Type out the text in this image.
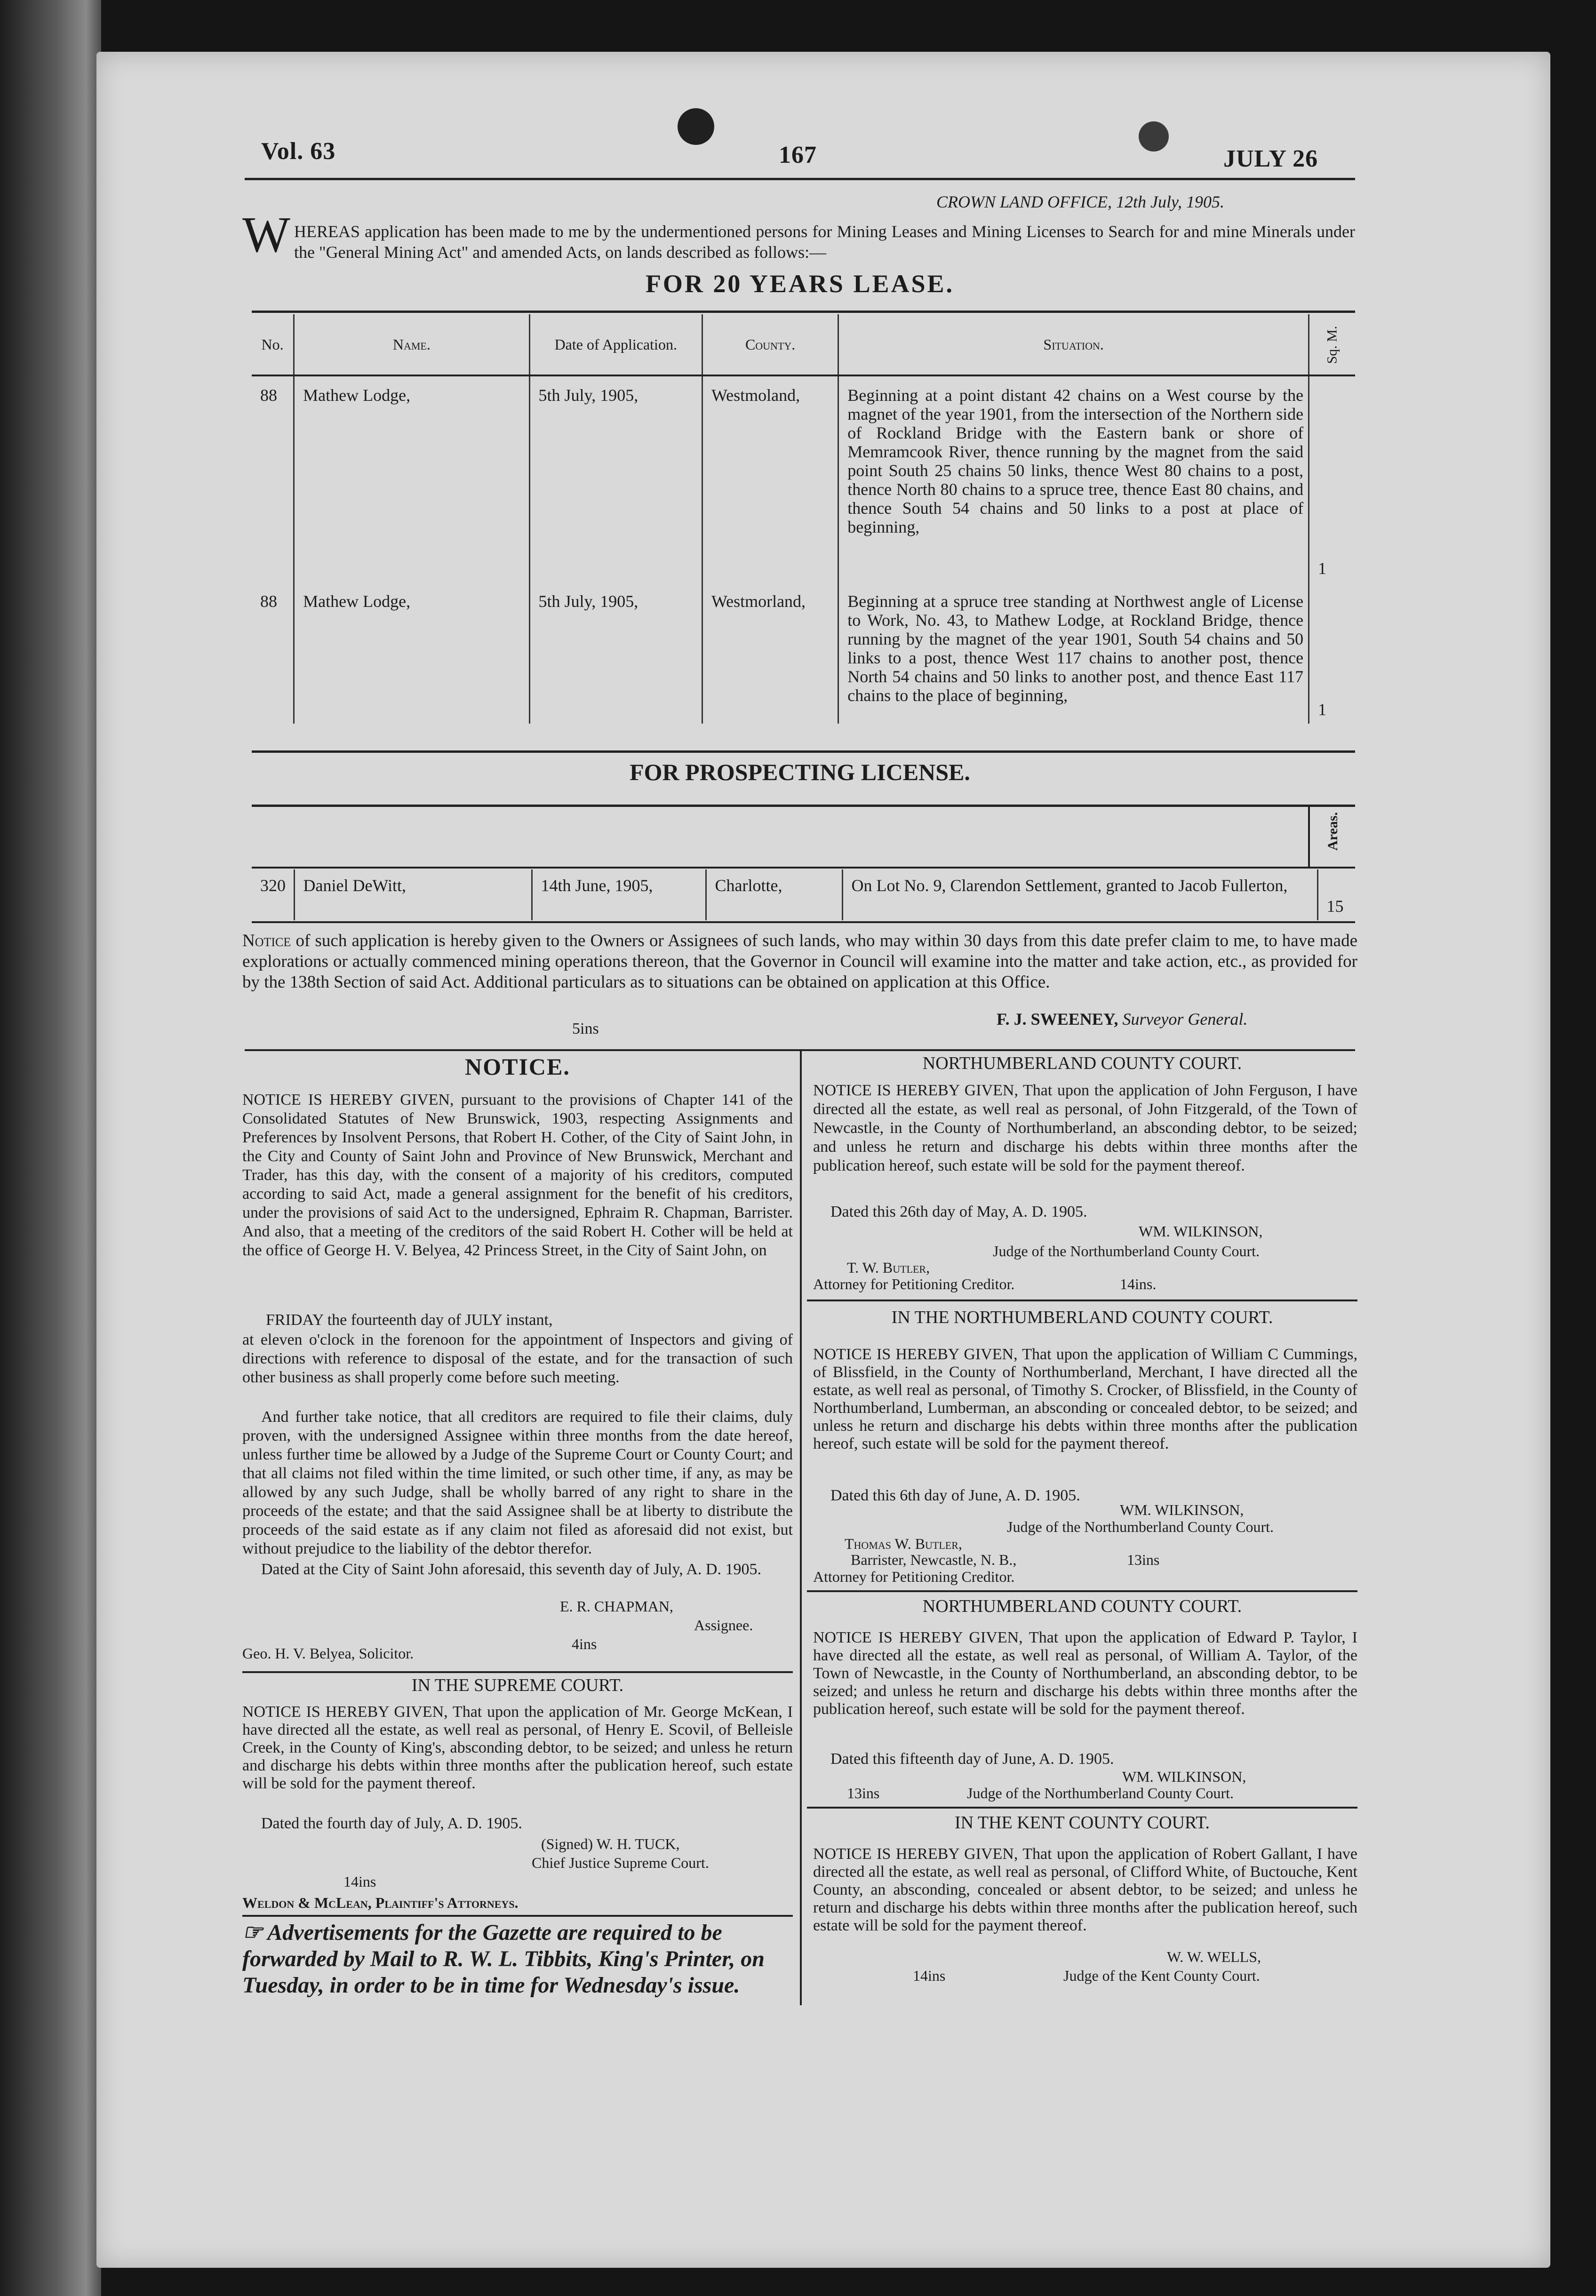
Vol. 63	167	JULY 26
CROWN LAND OFFICE, 12th July, 1905.
W HEREAS application has been made to me by the undermentioned persons for Mining Leases and Mining Licenses to Search for and mine Minerals under the "General Mining Act" and amended Acts, on lands described as follows:—
FOR 20 YEARS LEASE.
No.	Name.	Date of Application.	County.	Situation.	Sq. M.
88	Mathew Lodge,	5th July, 1905,	Westmoland,	Beginning at a point distant 42 chains on a West course by the magnet of the year 1901, from the intersection of the Northern side of Rockland Bridge with the Eastern bank or shore of Memramcook River, thence running by the magnet from the said point South 25 chains 50 links, thence West 80 chains to a post, thence North 80 chains to a spruce tree, thence East 80 chains, and thence South 54 chains and 50 links to a post at place of beginning,	1
88	Mathew Lodge,	5th July, 1905,	Westmorland,	Beginning at a spruce tree standing at Northwest angle of License to Work, No. 43, to Mathew Lodge, at Rockland Bridge, thence running by the magnet of the year 1901, South 54 chains and 50 links to a post, thence West 117 chains to another post, thence North 54 chains and 50 links to another post, and thence East 117 chains to the place of beginning,	1
FOR PROSPECTING LICENSE.
Areas.
320	Daniel DeWitt,	14th June, 1905,	Charlotte,	On Lot No. 9, Clarendon Settlement, granted to Jacob Fullerton,	15
Notice of such application is hereby given to the Owners or Assignees of such lands, who may within 30 days from this date prefer claim to me, to have made explorations or actually commenced mining operations thereon, that the Governor in Council will examine into the matter and take action, etc., as provided for by the 138th Section of said Act. Additional particulars as to situations can be obtained on application at this Office.
5ins
F. J. SWEENEY, Surveyor General.
NOTICE.
NOTICE IS HEREBY GIVEN, pursuant to the provisions of Chapter 141 of the Consolidated Statutes of New Brunswick, 1903, respecting Assignments and Preferences by Insolvent Persons, that Robert H. Cother, of the City of Saint John, in the City and County of Saint John and Province of New Brunswick, Merchant and Trader, has this day, with the consent of a majority of his creditors, computed according to said Act, made a general assignment for the benefit of his creditors, under the provisions of said Act to the undersigned, Ephraim R. Chapman, Barrister. And also, that a meeting of the creditors of the said Robert H. Cother will be held at the office of George H. V. Belyea, 42 Princess Street, in the City of Saint John, on
FRIDAY the fourteenth day of JULY instant,
at eleven o'clock in the forenoon for the appointment of Inspectors and giving of directions with reference to disposal of the estate, and for the transaction of such other business as shall properly come before such meeting.
And further take notice, that all creditors are required to file their claims, duly proven, with the undersigned Assignee within three months from the date hereof, unless further time be allowed by a Judge of the Supreme Court or County Court; and that all claims not filed within the time limited, or such other time, if any, as may be allowed by any such Judge, shall be wholly barred of any right to share in the proceeds of the estate; and that the said Assignee shall be at liberty to distribute the proceeds of the said estate as if any claim not filed as aforesaid did not exist, but without prejudice to the liability of the debtor therefor.
Dated at the City of Saint John aforesaid, this seventh day of July, A. D. 1905.
E. R. CHAPMAN,
Assignee.
Geo. H. V. Belyea, Solicitor.
4ins
IN THE SUPREME COURT.
NOTICE IS HEREBY GIVEN, That upon the application of Mr. George McKean, I have directed all the estate, as well real as personal, of Henry E. Scovil, of Belleisle Creek, in the County of King's, absconding debtor, to be seized; and unless he return and discharge his debts within three months after the publication hereof, such estate will be sold for the payment thereof.
Dated the fourth day of July, A. D. 1905.
(Signed) W. H. TUCK,
Chief Justice Supreme Court.
14ins
Weldon & McLean, Plaintiff's Attorneys.
☞ Advertisements for the Gazette are required to be forwarded by Mail to R. W. L. Tibbits, King's Printer, on Tuesday, in order to be in time for Wednesday's issue.
NORTHUMBERLAND COUNTY COURT.
NOTICE IS HEREBY GIVEN, That upon the application of John Ferguson, I have directed all the estate, as well real as personal, of John Fitzgerald, of the Town of Newcastle, in the County of Northumberland, an absconding debtor, to be seized; and unless he return and discharge his debts within three months after the publication hereof, such estate will be sold for the payment thereof.
Dated this 26th day of May, A. D. 1905.
WM. WILKINSON,
Judge of the Northumberland County Court.
T. W. Butler,
Attorney for Petitioning Creditor.	14ins.
IN THE NORTHUMBERLAND COUNTY COURT.
NOTICE IS HEREBY GIVEN, That upon the application of William C Cummings, of Blissfield, in the County of Northumberland, Merchant, I have directed all the estate, as well real as personal, of Timothy S. Crocker, of Blissfield, in the County of Northumberland, Lumberman, an absconding or concealed debtor, to be seized; and unless he return and discharge his debts within three months after the publication hereof, such estate will be sold for the payment thereof.
Dated this 6th day of June, A. D. 1905.
WM. WILKINSON,
Judge of the Northumberland County Court.
Thomas W. Butler,
Barrister, Newcastle, N. B.,	13ins
Attorney for Petitioning Creditor.
NORTHUMBERLAND COUNTY COURT.
NOTICE IS HEREBY GIVEN, That upon the application of Edward P. Taylor, I have directed all the estate, as well real as personal, of William A. Taylor, of the Town of Newcastle, in the County of Northumberland, an absconding debtor, to be seized; and unless he return and discharge his debts within three months after the publication hereof, such estate will be sold for the payment thereof.
Dated this fifteenth day of June, A. D. 1905.
WM. WILKINSON,
13ins	Judge of the Northumberland County Court.
IN THE KENT COUNTY COURT.
NOTICE IS HEREBY GIVEN, That upon the application of Robert Gallant, I have directed all the estate, as well real as personal, of Clifford White, of Buctouche, Kent County, an absconding, concealed or absent debtor, to be seized; and unless he return and discharge his debts within three months after the publication hereof, such estate will be sold for the payment thereof.
W. W. WELLS,
14ins	Judge of the Kent County Court.
